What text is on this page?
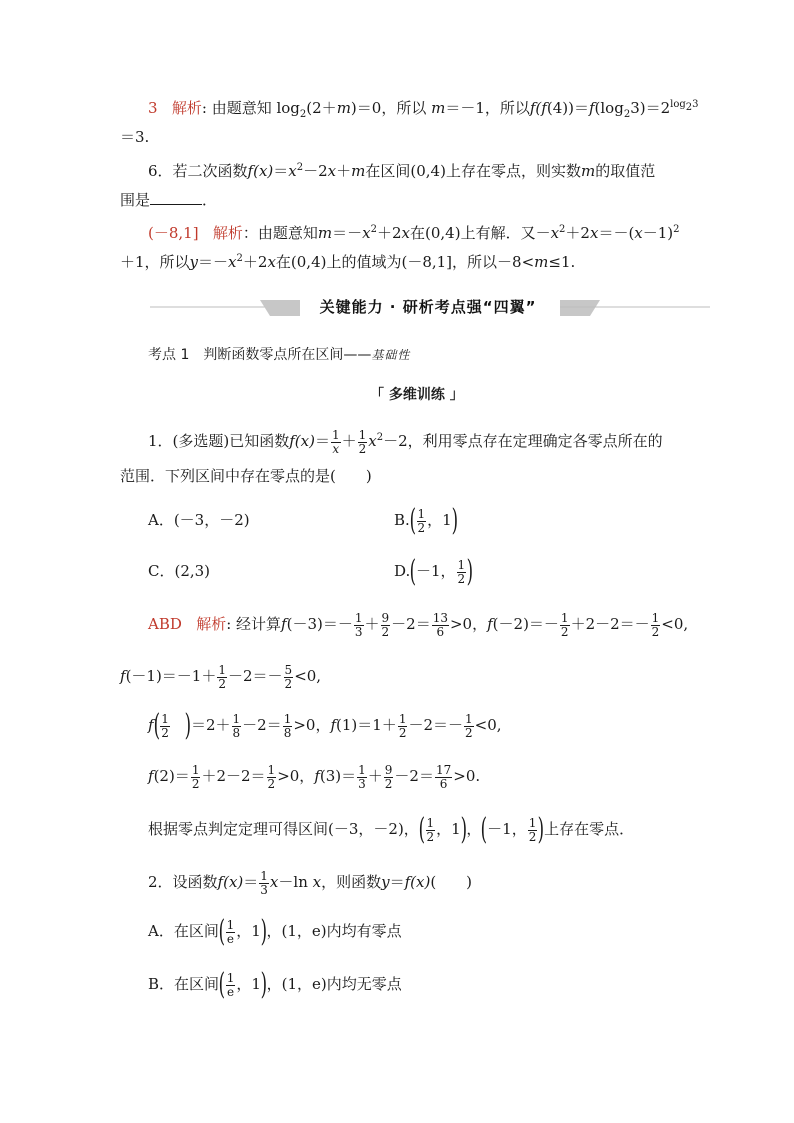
3 解析: 由题意知 $\log_2(2+m)=0$，所以 m＝－1，所以$f(f(4))=f(\log_23)=2^{log_23}$
＝3.
6．若二次函数$f(x)=x^2-2x+m$在区间(0,4)上存在零点，则实数m的取值范
围是	．
(－8,1] 解析：由题意知$m=-x^2+2x$在(0,4)上有解．又$-x^2+2x=-(x-1)^2$
＋1，所以$y=-x^2+2x$在(0,4)上的值域为(－8,1]，所以－8<m≤1.
关键能力 · 研析考点强“四翼”
考点 1　判断函数零点所在区间——基础性
「 多维训练 」
1．(多选题)已知函数$f(x)= \frac{1}{x} + \frac{1}{2} x^2-2$，利用零点存在定理确定各零点所在的
范围．下列区间中存在零点的是(　　)
A．(－3，－2)	$B.( \frac{1}{2}$ ，1)
C．(2,3)	D.(－1， $\frac{1}{2}$ )
ABD 解析: 经计算$f(-3)=- \frac{1}{3} + \frac{9}{2} -2= \frac{13}{6} >0$，$f(-2)=- \frac{1}{2} +2-2=- \frac{1}{2} <0$,
$f(-1)=-1+ \frac{1}{2} -2=- \frac{5}{2} <0$,
$f( \frac{1}{2} )=2+ \frac{1}{8} -2= \frac{1}{8} >0$，$f(1)=1+ \frac{1}{2} -2=- \frac{1}{2} <0$,
$f(2)= \frac{1}{2} +2-2= \frac{1}{2} >0$，$f(3)= \frac{1}{3} + \frac{9}{2} -2= \frac{17}{6} >0$.
根据零点判定定理可得区间(－3，－2)，( $\frac{1}{2}$ ，1)，(－1， $\frac{1}{2}$ )上存在零点．
2．设函数$f(x)= \frac{1}{3} x-\ln$ x，则函数y＝f(x)(　　)
A．在区间( $\frac{1}{e}$ ，1)，(1，e)内均有零点
B．在区间( $\frac{1}{e}$ ，1)，(1，e)内均无零点
